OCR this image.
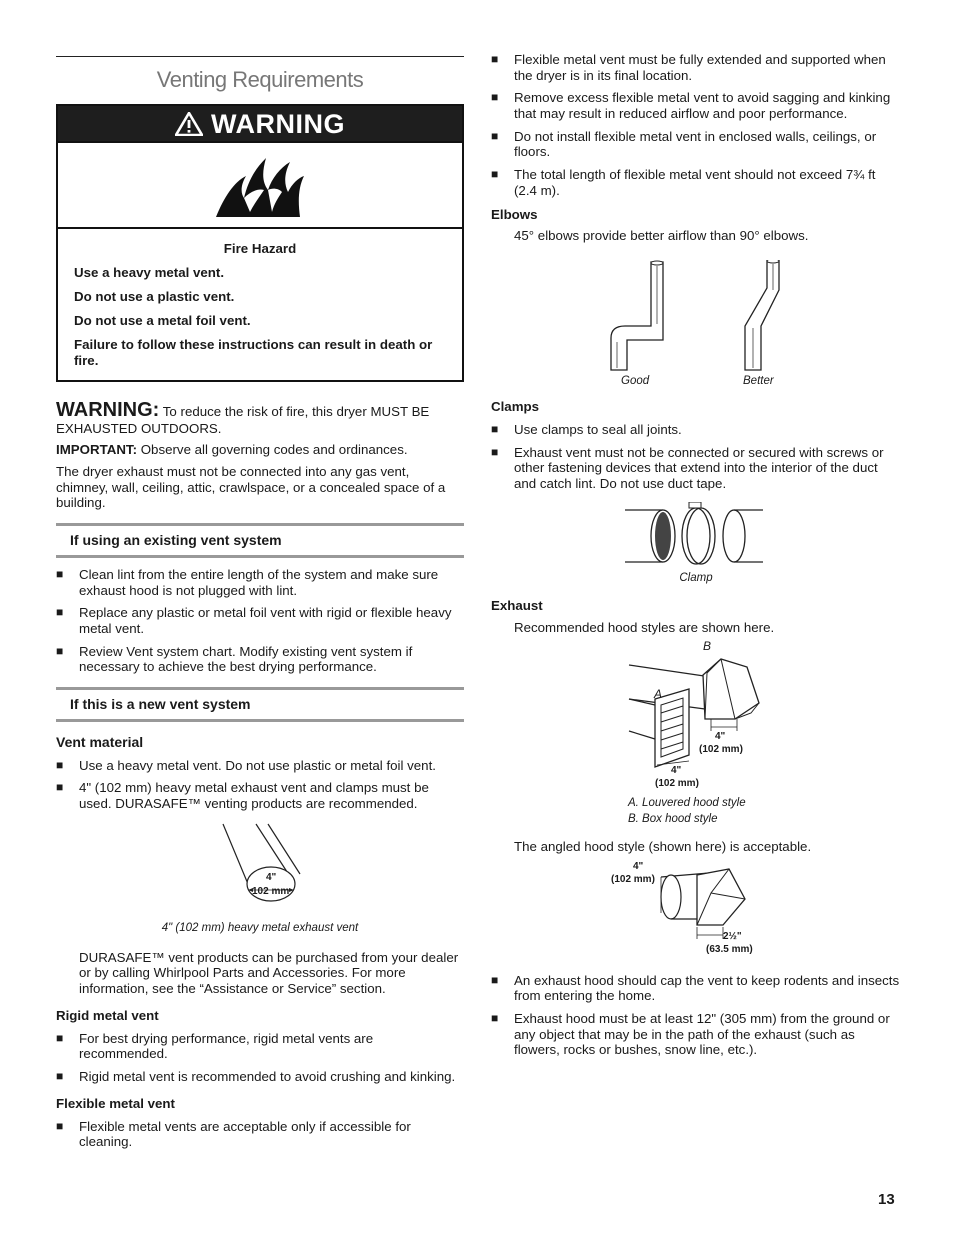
Venting Requirements
WARNING

Fire Hazard

Use a heavy metal vent.

Do not use a plastic vent.

Do not use a metal foil vent.

Failure to follow these instructions can result in death or fire.

WARNING: To reduce the risk of fire, this dryer MUST BE EXHAUSTED OUTDOORS.

IMPORTANT: Observe all governing codes and ordinances.

The dryer exhaust must not be connected into any gas vent, chimney, wall, ceiling, attic, crawlspace, or a concealed space of a building.

If using an existing vent system
■ Clean lint from the entire length of the system and make sure exhaust hood is not plugged with lint.
■ Replace any plastic or metal foil vent with rigid or flexible heavy metal vent.
■ Review Vent system chart. Modify existing vent system if necessary to achieve the best drying performance.
If this is a new vent system
Vent material
■ Use a heavy metal vent. Do not use plastic or metal foil vent.
■ 4" (102 mm) heavy metal exhaust vent and clamps must be used. DURASAFE™ venting products are recommended.
4"
102 mm
4" (102 mm) heavy metal exhaust vent

DURASAFE™ vent products can be purchased from your dealer or by calling Whirlpool Parts and Accessories. For more information, see the “Assistance or Service” section.

Rigid metal vent
■ For best drying performance, rigid metal vents are recommended.
■ Rigid metal vent is recommended to avoid crushing and kinking.
Flexible metal vent
■ Flexible metal vents are acceptable only if accessible for cleaning.
■ Flexible metal vent must be fully extended and supported when the dryer is in its final location.
■ Remove excess flexible metal vent to avoid sagging and kinking that may result in reduced airflow and poor performance.
■ Do not install flexible metal vent in enclosed walls, ceilings, or floors.
■ The total length of flexible metal vent should not exceed 7¾ ft (2.4 m).
Elbows

45° elbows provide better airflow than 90° elbows.

Good	Better
Clamps
■ Use clamps to seal all joints.
■ Exhaust vent must not be connected or secured with screws or other fastening devices that extend into the interior of the duct and catch lint. Do not use duct tape.
Clamp
Exhaust

Recommended hood styles are shown here.

B
A
4"
(102 mm)
4"
(102 mm)
A. Louvered hood style
B. Box hood style

The angled hood style (shown here) is acceptable.

4"
(102 mm)
2½"
(63.5 mm)
■ An exhaust hood should cap the vent to keep rodents and insects from entering the home.
■ Exhaust hood must be at least 12" (305 mm) from the ground or any object that may be in the path of the exhaust (such as flowers, rocks or bushes, snow line, etc.).
13
